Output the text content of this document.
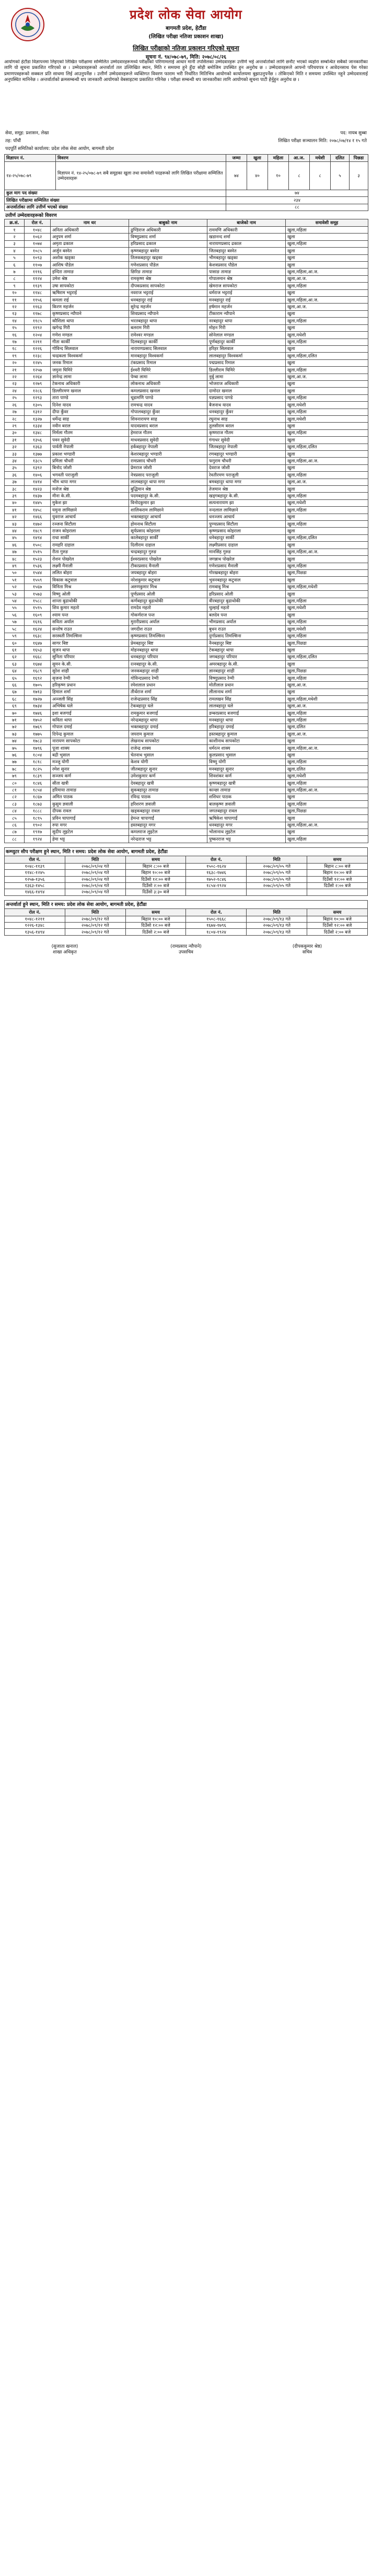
प्रदेश लोक सेवा आयोग
बागमती प्रदेश, हेटौंडा
(लिखित परीक्षा नतिजा प्रकाशन शाखा)
लिखित परीक्षाको नतिजा प्रकाशन गरिएको सूचना
सूचना नं. ९४/०७८-७९, मिति: २०७८/०८/२६
आयोगको हेटौंडा विज्ञापनमा लिइएको लिखित परीक्षामा सम्मिलित उम्मेदवारहरूमध्ये परीक्षाको परिणामलाई आधार मानी तपसिलका उम्मेदवारहरू उत्तीर्ण भई अन्तर्वार्ताको लागि छनौट भएको व्यहोरा सम्बन्धित सबैको जानकारीका लागि यो सूचना प्रकाशित गरिएको छ । उम्मेदवारहरूको अन्तर्वार्ता तल उल्लिखित स्थान, मिति र समयमा हुने हुँदा सोही बमोजिम उपस्थित हुन अनुरोध छ । उम्मेदवारहरूले आफ्नो परिचयपत्र र आवेदनसाथ पेस गरेका प्रमाणपत्रहरूको सक्कल प्रति साथमा लिई आउनुपर्नेछ । उत्तीर्ण उम्मेदवारहरूले व्यक्तिगत विवरण फाराम भरी निर्धारित मितिभित्र आयोगको कार्यालयमा बुझाउनुपर्नेछ । तोकिएको मिति र समयमा उपस्थित नहुने उम्मेदवारलाई अनुपस्थित मानिनेछ । अन्तर्वार्ताको क्रमसम्बन्धी थप जानकारी आयोगको वेबसाइटमा प्रकाशित गरिनेछ । परीक्षा सम्बन्धी थप जानकारीका लागि आयोगको सूचना पाटी हेर्नुहुन अनुरोध छ ।
सेवा, समूह: प्रशासन, लेखा	पद: नायब सुब्बा
तह: पाँचौं	लिखित परीक्षा सञ्चालन मिति: २०७८/०७/१४ र १५ गते
पदपूर्ति समितिको कार्यालय: प्रदेश लोक सेवा आयोग, बागमती प्रदेश
विज्ञापन नं.	विवरण	जम्मा	खुला	महिला	आ.ज.	मधेशी	दलित	पिछडा
१४-२५/०७८-७९	विज्ञापन नं. १४-२५/०७८-७९ सबै समूहका खुला तथा समावेशी पदहरूको लागि लिखित परीक्षामा सम्मिलित उम्मेदवारहरू	७४	४०	१०	८	८	५	३
कुल माग पद संख्या		७४						
लिखित परीक्षामा सम्मिलित संख्या		२३४						
अन्तर्वार्ताका लागि उत्तीर्ण भएको संख्या		८८						
उत्तीर्ण उम्मेदवारहरूको विवरण
क्र.सं.	रोल नं.	नाम थर	बाबुको नाम	बाजेको नाम	समावेशी समूह
१	१०४८	अनिता अधिकारी	ढुण्डिराज अधिकारी	राममणि अधिकारी	खुला,महिला
२	१०६२	अनुपम शर्मा	विष्णुप्रसाद शर्मा	खडानन्द शर्मा	खुला
३	१०७४	अमृता ढकाल	हरिप्रसाद ढकाल	नारायणप्रसाद ढकाल	खुला,महिला
४	१०८५	अर्जुन बस्नेत	कृष्णबहादुर बस्नेत	जितबहादुर बस्नेत	खुला
५	१०९३	अशोक खड्का	तिलकबहादुर खड्का	भीमबहादुर खड्का	खुला
६	११०७	आशिष पौडेल	गणेशप्रसाद पौडेल	केशवप्रसाद पौडेल	खुला
७	१११६	इन्दिरा तामाङ	छिरिङ तामाङ	पासाङ तामाङ	खुला,महिला,आ.ज.
८	११२४	उमेश श्रेष्ठ	रामकृष्ण श्रेष्ठ	गोपालमान श्रेष्ठ	खुला,आ.ज.
९	११३९	उषा सापकोटा	दीपकप्रसाद सापकोटा	खेमराज सापकोटा	खुला,महिला
१०	११४८	ऋषिराम भट्टराई	नवराज भट्टराई	धर्मराज भट्टराई	खुला
११	११५६	कमला राई	धनबहादुर राई	मनबहादुर राई	खुला,महिला,आ.ज.
१२	११६३	किरण महर्जन	सुरेन्द्र महर्जन	हर्षमान महर्जन	खुला,आ.ज.
१३	११७८	कृष्णप्रसाद न्यौपाने	शिवप्रसाद न्यौपाने	टीकाराम न्यौपाने	खुला
१४	११८५	कौशिला थापा	भरतबहादुर थापा	नरबहादुर थापा	खुला,महिला
१५	११९२	खगेन्द्र गिरी	बलराम गिरी	मोहन गिरी	खुला
१६	१२०४	गणेश मण्डल	रामेश्वर मण्डल	सोनेलाल मण्डल	खुला,मधेशी
१७	१२११	गीता कार्की	दिलबहादुर कार्की	पूर्णबहादुर कार्की	खुला,महिला
१८	१२२६	गोविन्द सिलवाल	नारायणप्रसाद सिलवाल	हरिहर सिलवाल	खुला
१९	१२३८	चन्द्रकला विश्वकर्मा	मानबहादुर विश्वकर्मा	लालबहादुर विश्वकर्मा	खुला,महिला,दलित
२०	१२४५	जनक रिमाल	टंकप्रसाद रिमाल	पद्मप्रसाद रिमाल	खुला
२१	१२५७	जमुना घिमिरे	ईश्वरी घिमिरे	डिल्लीराम घिमिरे	खुला,महिला
२२	१२६४	ज्ञानेन्द्र लामा	पेम्बा लामा	नुर्बु लामा	खुला,आ.ज.
२३	१२७९	टेकनाथ अधिकारी	लोकनाथ अधिकारी	भोजराज अधिकारी	खुला
२४	१२८६	डिल्लीरमण खनाल	कमलप्रसाद खनाल	दामोदर खनाल	खुला
२५	१२९३	तारा पाण्डे	चूडामणि पाण्डे	यज्ञप्रसाद पाण्डे	खुला,महिला
२६	१३०५	दिनेश यादव	रामचन्द्र यादव	बैजनाथ यादव	खुला,मधेशी
२७	१३१२	दीपा कुँवर	गोपालबहादुर कुँवर	धनबहादुर कुँवर	खुला,महिला
२८	१३२७	धर्मेन्द्र साह	शिवनारायण साह	रघुनाथ साह	खुला,मधेशी
२९	१३३४	नवीन बराल	यादवप्रसाद बराल	तुलसीराम बराल	खुला
३०	१३४८	निर्मला गौतम	हेमराज गौतम	कृष्णराज गौतम	खुला,महिला
३१	१३५६	पवन सुवेदी	माधवप्रसाद सुवेदी	गंगाधर सुवेदी	खुला
३२	१३६३	पार्वती नेपाली	हर्कबहादुर नेपाली	जितबहादुर नेपाली	खुला,महिला,दलित
३३	१३७७	प्रकाश भण्डारी	केशरबहादुर भण्डारी	रणबहादुर भण्डारी	खुला
३४	१३८५	प्रमिला चौधरी	रामप्रसाद चौधरी	फगुराम चौधरी	खुला,महिला,आ.ज.
३५	१३९२	बिनोद जोशी	प्रेमराज जोशी	देवराज जोशी	खुला
३६	१४०६	भगवती पराजुली	नेत्रप्रसाद पराजुली	रेवतीरमण पराजुली	खुला,महिला
३७	१४१४	भीम थापा मगर	लालबहादुर थापा मगर	बमबहादुर थापा मगर	खुला,आ.ज.
३८	१४२३	मनोज श्रेष्ठ	बुद्धिमान श्रेष्ठ	तेजमान श्रेष्ठ	खुला
३९	१४३७	मीना के.सी.	पदमबहादुर के.सी.	खड्गबहादुर के.सी.	खुला,महिला
४०	१४४५	मुकेश झा	विनोदकुमार झा	सत्यनारायण झा	खुला,मधेशी
४१	१४५८	यमुना लामिछाने	शालिकराम लामिछाने	नन्दलाल लामिछाने	खुला,महिला
४२	१४६६	युवराज आचार्य	भक्तबहादुर आचार्य	धनञ्जय आचार्य	खुला
४३	१४७२	रञ्जना सिटौला	होमनाथ सिटौला	पुण्यप्रसाद सिटौला	खुला,महिला
४४	१४८९	राजन कोइराला	सूर्यप्रसाद कोइराला	कृष्णप्रसाद कोइराला	खुला
४५	१४९४	राधा सार्की	कालेबहादुर सार्की	धनेबहादुर सार्की	खुला,महिला,दलित
४६	१५०८	रामहरि दाहाल	दिलीराम दाहाल	लक्ष्मीप्रसाद दाहाल	खुला
४७	१५१५	रीता गुरुङ	चन्द्रबहादुर गुरुङ	मानसिंह गुरुङ	खुला,महिला,आ.ज.
४८	१५२३	रोशन पोखरेल	ईश्वरप्रसाद पोखरेल	जगन्नाथ पोखरेल	खुला
४९	१५३६	लक्ष्मी मैनाली	टीकाप्रसाद मैनाली	गणेशप्रसाद मैनाली	खुला,महिला
५०	१५४४	ललित बोहरा	जयबहादुर बोहरा	गोरखबहादुर बोहरा	खुला,पिछडा
५१	१५५९	विकास कटुवाल	नरेशकुमार कटुवाल	भुवनबहादुर कटुवाल	खुला
५२	१५६७	विनिता मिश्र	अरुणकुमार मिश्र	रामबाबु मिश्र	खुला,महिला,मधेशी
५३	१५७३	विष्णु ओली	पूर्णप्रसाद ओली	हरिप्रसाद ओली	खुला
५४	१५८८	शान्ता बुढाथोकी	कर्णबहादुर बुढाथोकी	वीरबहादुर बुढाथोकी	खुला,महिला
५५	१५९५	शिव कुमार महतो	रामदेव महतो	चुल्हाई महतो	खुला,मधेशी
५६	१६०९	श्याम पन्त	गोकर्णराज पन्त	बलदेव पन्त	खुला
५७	१६१६	सविता अर्याल	मुरारीप्रसाद अर्याल	भीमप्रसाद अर्याल	खुला,महिला
५८	१६२४	सन्तोष राउत	जगदीश राउत	बुधन राउत	खुला,मधेशी
५९	१६३८	सरस्वती तिमल्सिना	कृष्णप्रसाद तिमल्सिना	दुर्गाप्रसाद तिमल्सिना	खुला,महिला
६०	१६४७	सागर बिष्ट	प्रेमबहादुर बिष्ट	नैनबहादुर बिष्ट	खुला,पिछडा
६१	१६५३	सुजन थापा	मोहनबहादुर थापा	टेकबहादुर थापा	खुला
६२	१६६८	सुनिता परियार	धनबहादुर परियार	जगबहादुर परियार	खुला,महिला,दलित
६३	१६७४	सुमन के.सी.	रत्नबहादुर के.सी.	अमरबहादुर के.सी.	खुला
६४	१६८९	सुरेश शाही	जनकबहादुर शाही	ज्ञानबहादुर शाही	खुला,पिछडा
६५	१६९२	सृजना रेग्मी	गोविन्दप्रसाद रेग्मी	विष्णुप्रसाद रेग्मी	खुला,महिला
६६	१७०५	हरिकृष्ण प्रधान	रमेशलाल प्रधान	मोतीलाल प्रधान	खुला,आ.ज.
६७	१७१३	हिमाल शर्मा	तीर्थराज शर्मा	लीलानाथ शर्मा	खुला
६८	१७२७	अञ्जली सिंह	राजेन्द्रप्रसाद सिंह	रामलखन सिंह	खुला,महिला,मधेशी
६९	१७३४	अभिषेक घले	टेकबहादुर घले	लालबहादुर घले	खुला,आ.ज.
७०	१७४६	इशा बजगाईं	रामकुमार बजगाईं	डम्बरप्रसाद बजगाईं	खुला,महिला
७१	१७५२	कविता थापा	नरेन्द्रबहादुर थापा	मनबहादुर थापा	खुला,महिला
७२	१७६९	गोपाल दमाई	भक्तबहादुर दमाई	हरिबहादुर दमाई	खुला,दलित
७३	१७७५	दिपेन्द्र कुमाल	जयराम कुमाल	हस्तबहादुर कुमाल	खुला,आ.ज.
७४	१७८३	नारायण सापकोटा	लेखनाथ सापकोटा	काशीनाथ सापकोटा	खुला
७५	१७९६	पूजा शाक्य	राजेन्द्र शाक्य	धर्मरत्न शाक्य	खुला,महिला,आ.ज.
७६	१८०४	बद्री भुसाल	चेतनाथ भुसाल	कुलप्रसाद भुसाल	खुला
७७	१८१८	मञ्जु योगी	केशव योगी	विष्णु योगी	खुला,महिला
७८	१८२५	रमेश सुनार	जीतबहादुर सुनार	मनबहादुर सुनार	खुला,दलित
७९	१८३९	सञ्जय कर्ण	उमेशकुमार कर्ण	शिवशंकर कर्ण	खुला,मधेशी
८०	१८४६	सीता खत्री	देवबहादुर खत्री	कृष्णबहादुर खत्री	खुला,महिला
८१	१८५४	हरिमाया तामाङ	सुकबहादुर तामाङ	कान्छा तामाङ	खुला,महिला,आ.ज.
८२	१८६७	अमित पाठक	रविन्द्र पाठक	शशिधर पाठक	खुला
८३	१८७३	कुसुम ज्ञवाली	हरिशरण ज्ञवाली	बालकृष्ण ज्ञवाली	खुला,महिला
८४	१८८८	दीपक रावल	खड्कबहादुर रावल	जगतबहादुर रावल	खुला,पिछडा
८५	१८९५	प्रविन चापागाईं	हेमन्त चापागाईं	ऋषिकेश चापागाईं	खुला
८६	१९०२	रुपा मगर	हस्तबहादुर मगर	धनबहादुर मगर	खुला,महिला,आ.ज.
८७	१९१७	सुदीप लुइटेल	कमलराज लुइटेल	भोलानाथ लुइटेल	खुला
८८	१९२४	हेमा भट्ट	नरेन्द्रराज भट्ट	पुष्करराज भट्ट	खुला,महिला
कम्प्युटर सीप परीक्षण हुने स्थान, मिति र समय: प्रदेश लोक सेवा आयोग, बागमती प्रदेश, हेटौंडा
रोल नं.	मिति	समय	रोल नं.	मिति	समय
१०४८-११३९	२०७८/०९/०४ गते	बिहान ८:०० बजे	१५०८-१६२४	२०७८/०९/०५ गते	बिहान ८:०० बजे
११४८-१२४५	२०७८/०९/०४ गते	बिहान १०:०० बजे	१६३८-१७४६	२०७८/०९/०५ गते	बिहान १०:०० बजे
१२५७-१३५६	२०७८/०९/०४ गते	दिउँसो १२:०० बजे	१७५२-१८४६	२०७८/०९/०५ गते	दिउँसो १२:०० बजे
१३६३-१४५८	२०७८/०९/०४ गते	दिउँसो २:०० बजे	१८५४-१९२४	२०७८/०९/०५ गते	दिउँसो २:०० बजे
१४६६-१४९४	२०७८/०९/०४ गते	दिउँसो ३:३० बजे			
अन्तर्वार्ता हुने स्थान, मिति र समय: प्रदेश लोक सेवा आयोग, बागमती प्रदेश, हेटौंडा
रोल नं.	मिति	समय	रोल नं.	मिति	समय
१०४८-१२११	२०७८/०९/१२ गते	बिहान १०:०० बजे	१५०८-१६६८	२०७८/०९/१३ गते	बिहान १०:०० बजे
१२२६-१३४८	२०७८/०९/१२ गते	दिउँसो १२:०० बजे	१६७४-१७९६	२०७८/०९/१३ गते	दिउँसो १२:०० बजे
१३५६-१४९४	२०७८/०९/१२ गते	दिउँसो २:०० बजे	१८०४-१९२४	२०७८/०९/१३ गते	दिउँसो २:०० बजे
(सुजाता खनाल)
शाखा अधिकृत
(रामप्रसाद न्यौपाने)
उपसचिव
(दीपककुमार श्रेष्ठ)
सचिव
